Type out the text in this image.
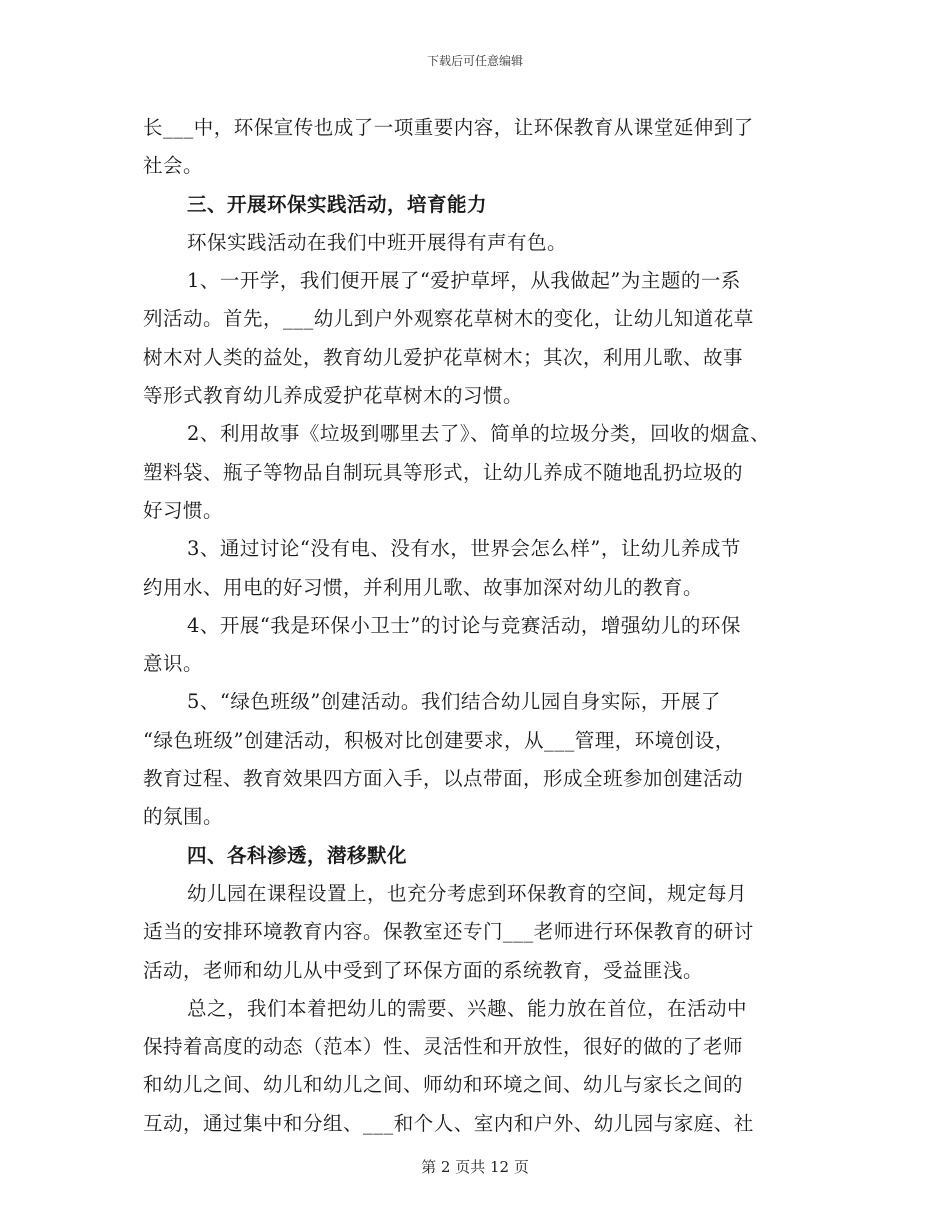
下载后可任意编辑
长___中，环保宣传也成了一项重要内容，让环保教育从课堂延伸到了
社会。
三、开展环保实践活动，培育能力
环保实践活动在我们中班开展得有声有色。
1、一开学，我们便开展了“爱护草坪，从我做起”为主题的一系
列活动。首先，___幼儿到户外观察花草树木的变化，让幼儿知道花草
树木对人类的益处，教育幼儿爱护花草树木；其次，利用儿歌、故事
等形式教育幼儿养成爱护花草树木的习惯。
2、利用故事《垃圾到哪里去了》、简单的垃圾分类，回收的烟盒、
塑料袋、瓶子等物品自制玩具等形式，让幼儿养成不随地乱扔垃圾的
好习惯。
3、通过讨论“没有电、没有水，世界会怎么样”，让幼儿养成节
约用水、用电的好习惯，并利用儿歌、故事加深对幼儿的教育。
4、开展“我是环保小卫士”的讨论与竞赛活动，增强幼儿的环保
意识。
5、“绿色班级”创建活动。我们结合幼儿园自身实际，开展了
“绿色班级”创建活动，积极对比创建要求，从___管理，环境创设，
教育过程、教育效果四方面入手，以点带面，形成全班参加创建活动
的氛围。
四、各科渗透，潜移默化
幼儿园在课程设置上，也充分考虑到环保教育的空间，规定每月
适当的安排环境教育内容。保教室还专门___老师进行环保教育的研讨
活动，老师和幼儿从中受到了环保方面的系统教育，受益匪浅。
总之，我们本着把幼儿的需要、兴趣、能力放在首位，在活动中
保持着高度的动态（范本）性、灵活性和开放性，很好的做的了老师
和幼儿之间、幼儿和幼儿之间、师幼和环境之间、幼儿与家长之间的
互动，通过集中和分组、___和个人、室内和户外、幼儿园与家庭、社
第 2 页共 12 页
